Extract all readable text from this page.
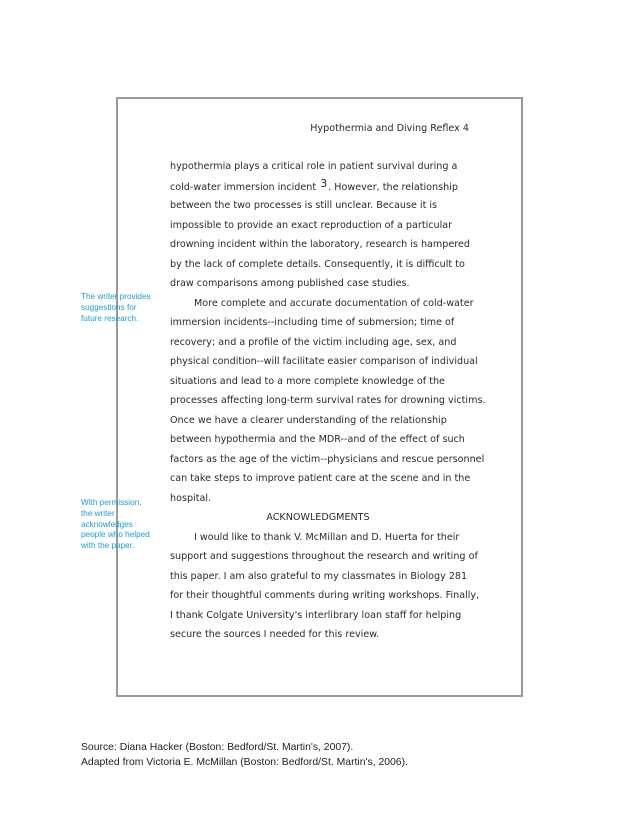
Hypothermia and Diving Reflex 4
hypothermia plays a critical role in patient survival during a
cold-water immersion incident 3. However, the relationship
between the two processes is still unclear. Because it is
impossible to provide an exact reproduction of a particular
drowning incident within the laboratory, research is hampered
by the lack of complete details. Consequently, it is difficult to
draw comparisons among published case studies.
More complete and accurate documentation of cold-water
immersion incidents--including time of submersion; time of
recovery; and a profile of the victim including age, sex, and
physical condition--will facilitate easier comparison of individual
situations and lead to a more complete knowledge of the
processes affecting long-term survival rates for drowning victims.
Once we have a clearer understanding of the relationship
between hypothermia and the MDR--and of the effect of such
factors as the age of the victim--physicians and rescue personnel
can take steps to improve patient care at the scene and in the
hospital.
ACKNOWLEDGMENTS
I would like to thank V. McMillan and D. Huerta for their
support and suggestions throughout the research and writing of
this paper. I am also grateful to my classmates in Biology 281
for their thoughtful comments during writing workshops. Finally,
I thank Colgate University's interlibrary loan staff for helping
secure the sources I needed for this review.
The writer provides
suggestions for
future research.
With permission,
the writer
acknowledges
people who helped
with the paper.
Source: Diana Hacker (Boston: Bedford/St. Martin's, 2007).
Adapted from Victoria E. McMillan (Boston: Bedford/St. Martin's, 2006).
